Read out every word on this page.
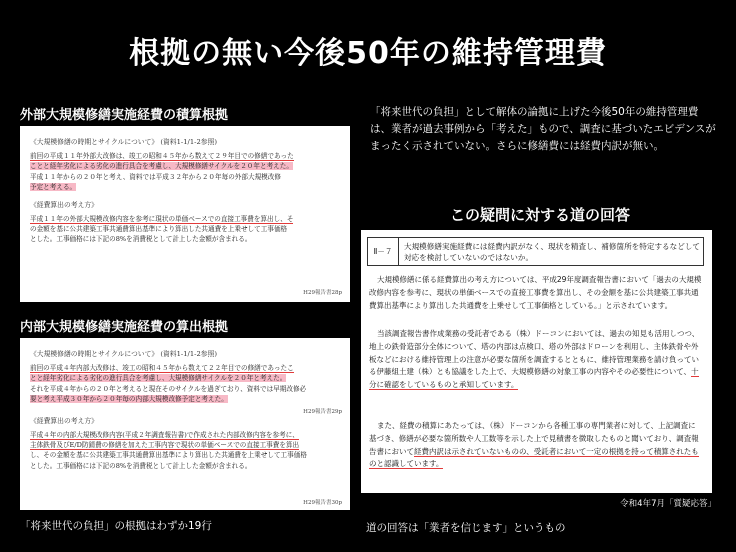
根拠の無い今後50年の維持管理費
外部大規模修繕実施経費の積算根拠
《大規模修繕の時期とサイクルについて》 (資料1-1/1-2参照)
前回の平成１１年外部大改修は、竣工の昭和４５年から数えて２９年目での修繕であった
ことと経年劣化による劣化の進行具合を考慮し、大規模修繕サイクルを２０年と考えた。
平成１１年からの２０年と考え、資料では平成３２年から２０年毎の外部大規模改修
予定と考える。
《経費算出の考え方》
平成１１年の外部大規模改修内容を参考に現状の単価ベースでの直接工事費を算出し、そ
の金額を基に公共建築工事共通費算出基準により算出した共通費を上乗せして工事価格
とした。工事価格には下記の8%を消費税として計上した金額が含まれる。
H29報告書28p
内部大規模修繕実施経費の算出根拠
《大規模修繕の時期とサイクルについて》 (資料1-1/1-2参照)
前回の平成４年内部大改修は、竣工の昭和４５年から数えて２２年目での修繕であったこ
とと経年劣化による劣化の進行具合を考慮し、大規模修繕サイクルを２０年と考えた。
それを平成４年からの２０年と考えると現在そのサイクルを過ぎており、資料では早期改修必
要と考え平成３０年から２０年毎の内部大規模改修予定と考えた。
H29報告書29p
《経費算出の考え方》
平成４年の内部大規模改修内容(平成２年調査報告書)で作成された内部改修内容を参考に、
主体鉄骨及びE/D防錆費の修繕を加えた工事内容で現状の単価ベースでの直接工事費を算出
し、その金額を基に公共建築工事共通費算出基準により算出した共通費を上乗せして工事価格
とした。工事価格には下記の8%を消費税として計上した金額が含まれる。
H29報告書30p
「将来世代の負担」として解体の論拠に上げた今後50年の維持管理費は、業者が過去事例から「考えた」もので、調査に基づいたエビデンスがまったく示されていない。さらに修繕費には経費内訳が無い。
この疑問に対する道の回答
Ⅱ－７
大規模修繕実施経費には経費内訳がなく、現状を精査し、補修箇所を特定するなどして対応を検討していないのではないか。
大規模修繕に係る経費算出の考え方については、平成29年度調査報告書において「過去の大規模改修内容を参考に、現状の単価ベースでの直接工事費を算出し、その金額を基に公共建築工事共通費算出基準により算出した共通費を上乗せして工事価格としている。」と示されています。
当該調査報告書作成業務の受託者である（株）ドーコンにおいては、過去の知見も活用しつつ、地上の鉄骨造部分全体について、塔の内部は点検口、塔の外部はドローンを利用し、主体鉄骨や外板などにおける維持管理上の注意が必要な箇所を調査するとともに、維持管理業務を請け負っている伊藤組土建（株）とも協議をした上で、大規模修繕の対象工事の内容やその必要性について、十分に確認をしているものと承知しています。
また、経費の積算にあたっては、（株）ドーコンから各種工事の専門業者に対して、上記調査に基づき、修繕が必要な箇所数や人工数等を示した上で見積書を徴取したものと聞いており、調査報告書において経費内訳は示されていないものの、受託者において一定の根拠を持って積算されたものと認識しています。
令和4年7月「質疑応答」
「将来世代の負担」の根拠はわずか19行	道の回答は「業者を信じます」というもの
